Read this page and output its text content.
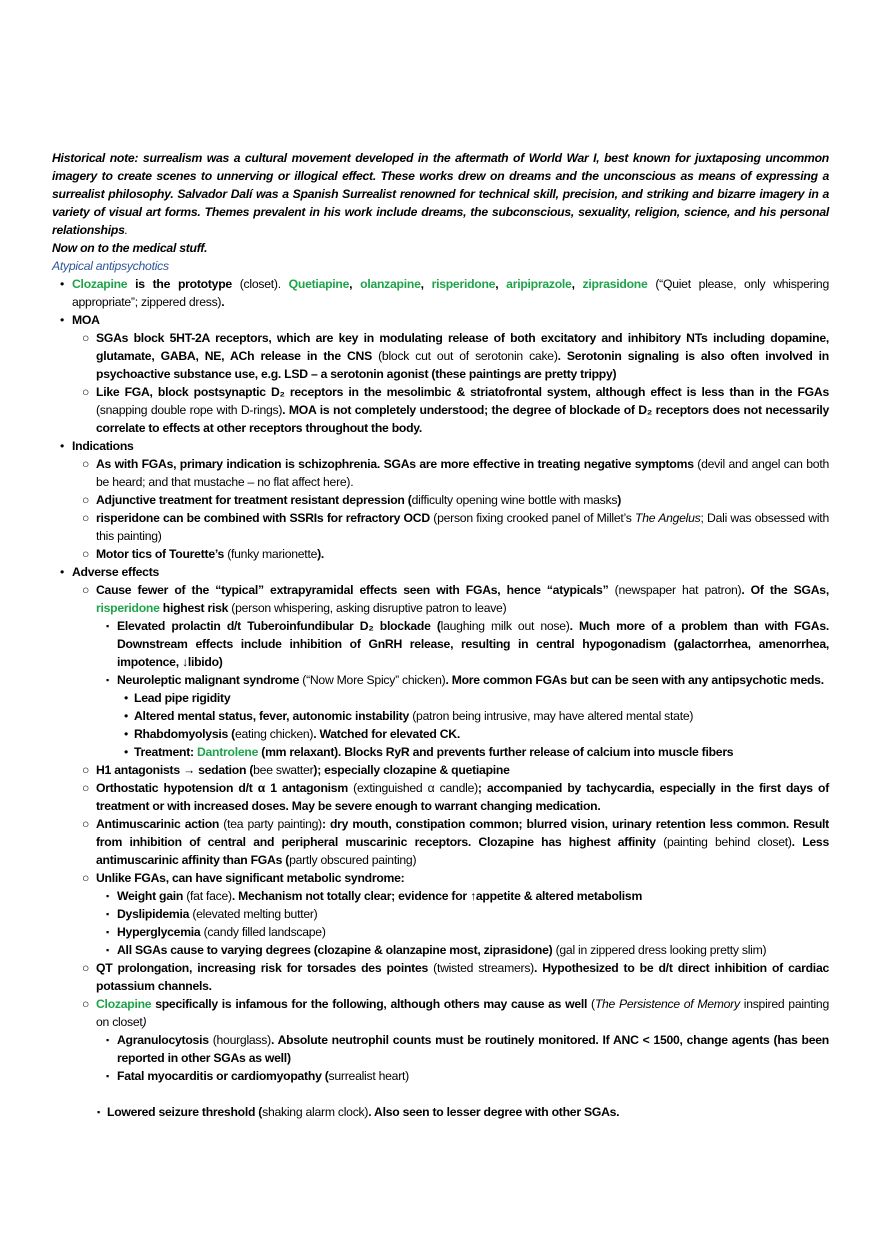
Historical note: surrealism was a cultural movement developed in the aftermath of World War I, best known for juxtaposing uncommon imagery to create scenes to unnerving or illogical effect. These works drew on dreams and the unconscious as means of expressing a surrealist philosophy. Salvador Dalí was a Spanish Surrealist renowned for technical skill, precision, and striking and bizarre imagery in a variety of visual art forms. Themes prevalent in his work include dreams, the subconscious, sexuality, religion, science, and his personal relationships.
Now on to the medical stuff.
Atypical antipsychotics
• Clozapine is the prototype (closet). Quetiapine, olanzapine, risperidone, aripiprazole, ziprasidone (“Quiet please, only whispering appropriate”; zippered dress).
• MOA
○ SGAs block 5HT-2A receptors, which are key in modulating release of both excitatory and inhibitory NTs including dopamine, glutamate, GABA, NE, ACh release in the CNS (block cut out of serotonin cake). Serotonin signaling is also often involved in psychoactive substance use, e.g. LSD – a serotonin agonist (these paintings are pretty trippy)
○ Like FGA, block postsynaptic D₂ receptors in the mesolimbic & striatofrontal system, although effect is less than in the FGAs (snapping double rope with D-rings). MOA is not completely understood; the degree of blockade of D₂ receptors does not necessarily correlate to effects at other receptors throughout the body.
• Indications
○ As with FGAs, primary indication is schizophrenia. SGAs are more effective in treating negative symptoms (devil and angel can both be heard; and that mustache – no flat affect here).
○ Adjunctive treatment for treatment resistant depression (difficulty opening wine bottle with masks)
○ risperidone can be combined with SSRIs for refractory OCD (person fixing crooked panel of Millet’s The Angelus; Dali was obsessed with this painting)
○ Motor tics of Tourette’s (funky marionette).
• Adverse effects
○ Cause fewer of the “typical” extrapyramidal effects seen with FGAs, hence “atypicals” (newspaper hat patron). Of the SGAs, risperidone highest risk (person whispering, asking disruptive patron to leave)
▪ Elevated prolactin d/t Tuberoinfundibular D₂ blockade (laughing milk out nose). Much more of a problem than with FGAs. Downstream effects include inhibition of GnRH release, resulting in central hypogonadism (galactorrhea, amenorrhea, impotence, ↓libido)
▪ Neuroleptic malignant syndrome (“Now More Spicy” chicken). More common FGAs but can be seen with any antipsychotic meds.
• Lead pipe rigidity
• Altered mental status, fever, autonomic instability (patron being intrusive, may have altered mental state)
• Rhabdomyolysis (eating chicken). Watched for elevated CK.
• Treatment: Dantrolene (mm relaxant). Blocks RyR and prevents further release of calcium into muscle fibers
○ H1 antagonists → sedation (bee swatter); especially clozapine & quetiapine
○ Orthostatic hypotension d/t α 1 antagonism (extinguished α candle); accompanied by tachycardia, especially in the first days of treatment or with increased doses. May be severe enough to warrant changing medication.
○ Antimuscarinic action (tea party painting): dry mouth, constipation common; blurred vision, urinary retention less common. Result from inhibition of central and peripheral muscarinic receptors. Clozapine has highest affinity (painting behind closet). Less antimuscarinic affinity than FGAs (partly obscured painting)
○ Unlike FGAs, can have significant metabolic syndrome:
▪ Weight gain (fat face). Mechanism not totally clear; evidence for ↑appetite & altered metabolism
▪ Dyslipidemia (elevated melting butter)
▪ Hyperglycemia (candy filled landscape)
▪ All SGAs cause to varying degrees (clozapine & olanzapine most, ziprasidone) (gal in zippered dress looking pretty slim)
○ QT prolongation, increasing risk for torsades des pointes (twisted streamers). Hypothesized to be d/t direct inhibition of cardiac potassium channels.
○ Clozapine specifically is infamous for the following, although others may cause as well (The Persistence of Memory inspired painting on closet)
▪ Agranulocytosis (hourglass). Absolute neutrophil counts must be routinely monitored. If ANC < 1500, change agents (has been reported in other SGAs as well)
▪ Fatal myocarditis or cardiomyopathy (surrealist heart)
▪ Lowered seizure threshold (shaking alarm clock). Also seen to lesser degree with other SGAs.
